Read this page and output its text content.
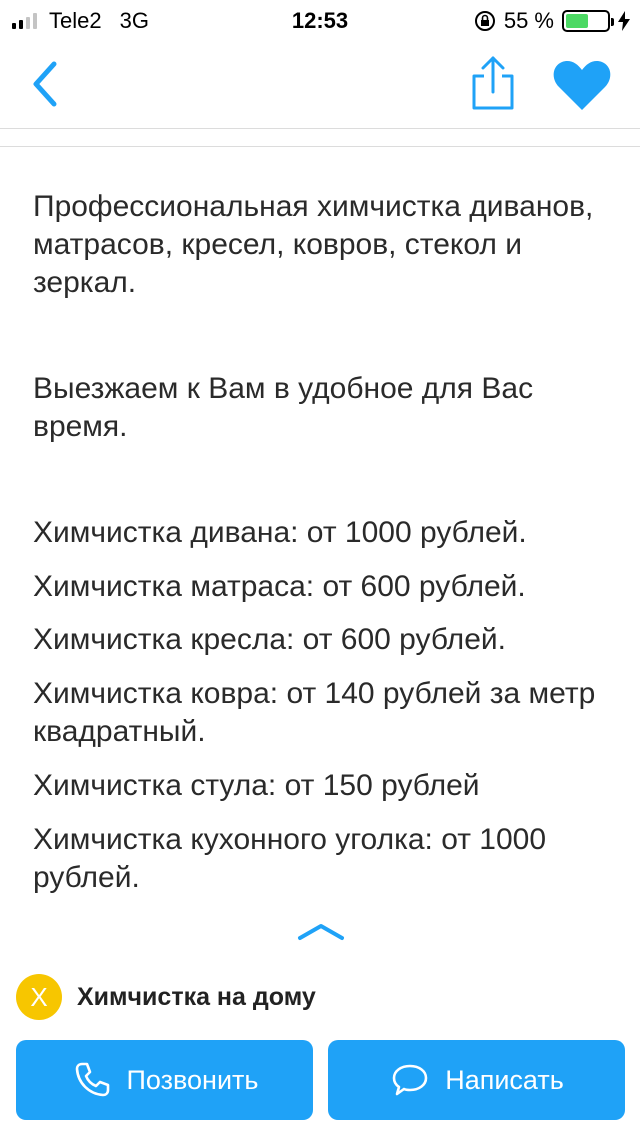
Tele2 3G	12:53	55 %
Профессиональная химчистка диванов, матрасов, кресел, ковров, стекол и зеркал.
Выезжаем к Вам в удобное для Вас время.
Химчистка дивана: от 1000 рублей.
Химчистка матраса: от 600 рублей.
Химчистка кресла: от 600 рублей.
Химчистка ковра: от 140 рублей за метр квадратный.
Химчистка стула: от 150 рублей
Химчистка кухонного уголка: от 1000 рублей.
Х	Химчистка на дому
Позвонить	Написать
